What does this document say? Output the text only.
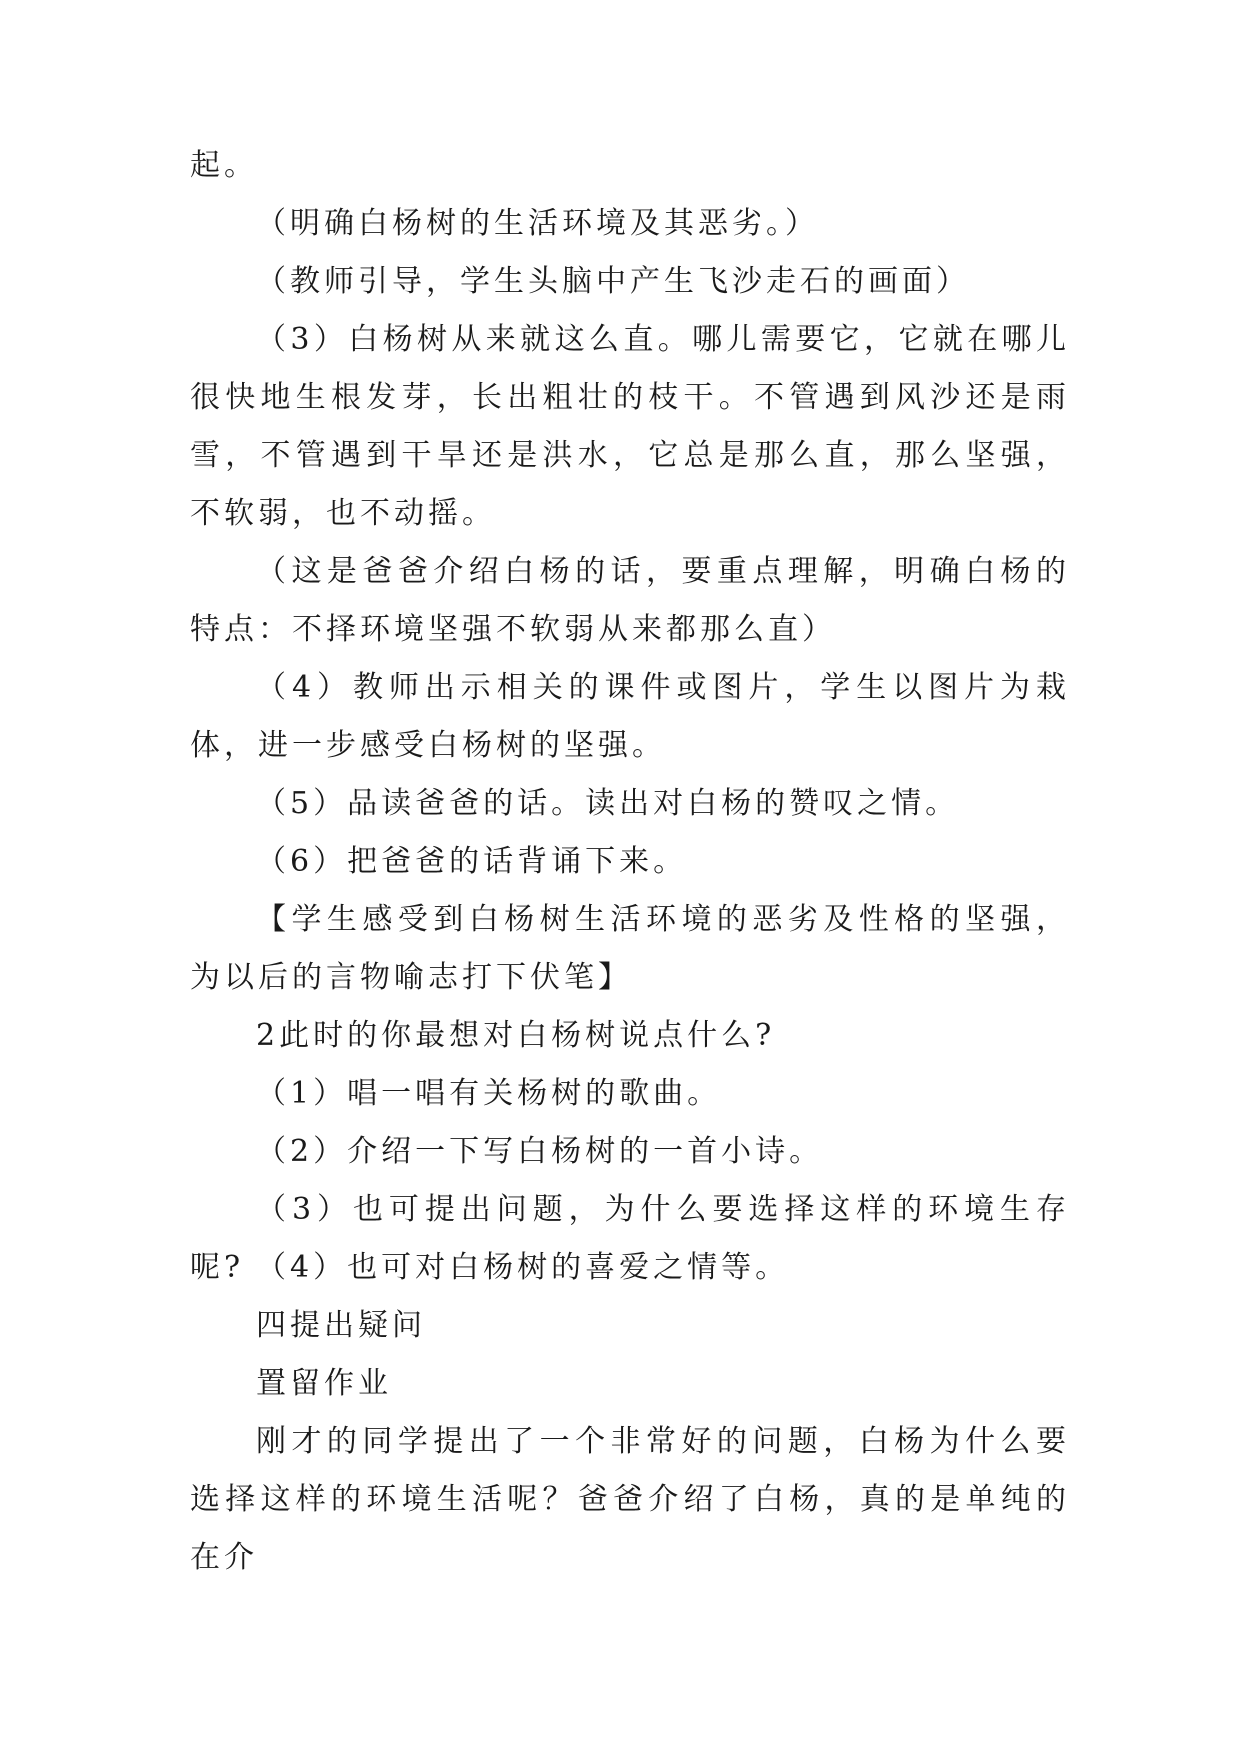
起。

（明确白杨树的生活环境及其恶劣。）

（教师引导，学生头脑中产生飞沙走石的画面）

（3）白杨树从来就这么直。哪儿需要它，它就在哪儿很快地生根发芽，长出粗壮的枝干。不管遇到风沙还是雨雪，不管遇到干旱还是洪水，它总是那么直，那么坚强，不软弱，也不动摇。

（这是爸爸介绍白杨的话，要重点理解，明确白杨的特点：不择环境坚强不软弱从来都那么直）

（4）教师出示相关的课件或图片，学生以图片为栽体，进一步感受白杨树的坚强。

（5）品读爸爸的话。读出对白杨的赞叹之情。

（6）把爸爸的话背诵下来。

【学生感受到白杨树生活环境的恶劣及性格的坚强，为以后的言物喻志打下伏笔】

2此时的你最想对白杨树说点什么?

（1）唱一唱有关杨树的歌曲。

（2）介绍一下写白杨树的一首小诗。

（3）也可提出问题，为什么要选择这样的环境生存呢? （4）也可对白杨树的喜爱之情等。

四提出疑问

置留作业

刚才的同学提出了一个非常好的问题，白杨为什么要选择这样的环境生活呢？爸爸介绍了白杨，真的是单纯的在介
